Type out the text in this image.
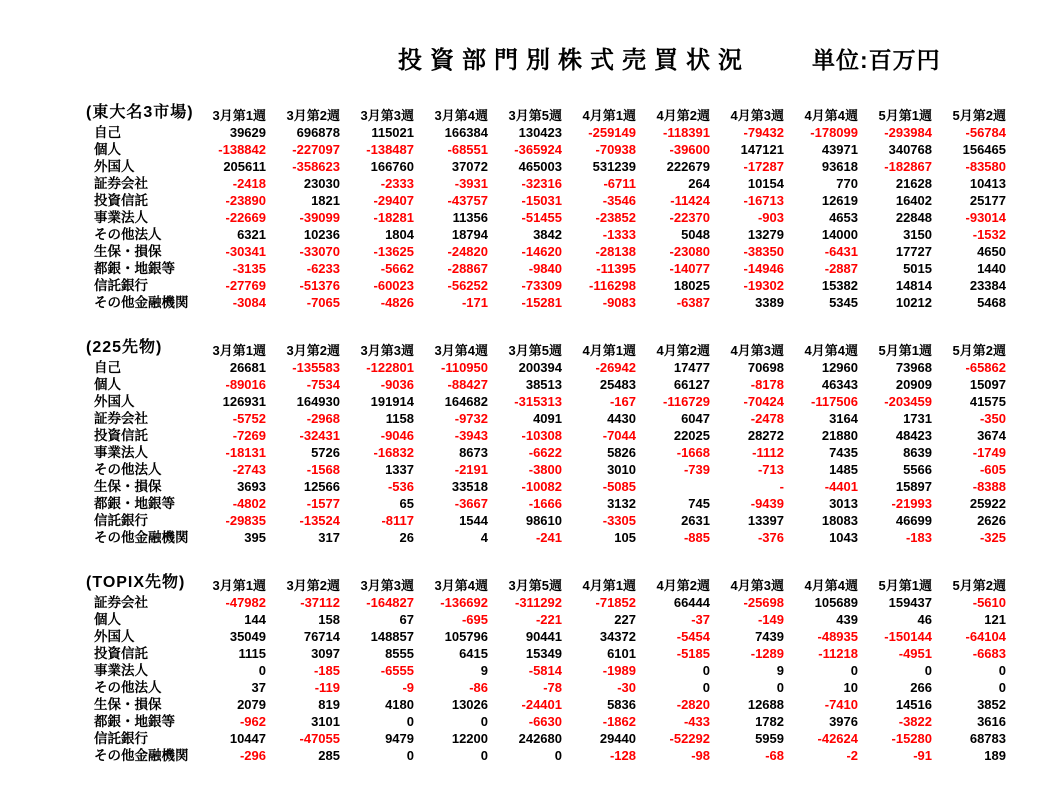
投資部門別株式売買状況	単位:百万円
(東大名3市場)
		3月第1週	3月第2週	3月第3週	3月第4週	3月第5週	4月第1週	4月第2週	4月第3週	4月第4週	5月第1週	5月第2週
自己	39629	696878	115021	166384	130423	-259149	-118391	-79432	-178099	-293984	-56784
個人	-138842	-227097	-138487	-68551	-365924	-70938	-39600	147121	43971	340768	156465
外国人	205611	-358623	166760	37072	465003	531239	222679	-17287	93618	-182867	-83580
証券会社	-2418	23030	-2333	-3931	-32316	-6711	264	10154	770	21628	10413
投資信託	-23890	1821	-29407	-43757	-15031	-3546	-11424	-16713	12619	16402	25177
事業法人	-22669	-39099	-18281	11356	-51455	-23852	-22370	-903	4653	22848	-93014
その他法人	6321	10236	1804	18794	3842	-1333	5048	13279	14000	3150	-1532
生保・損保	-30341	-33070	-13625	-24820	-14620	-28138	-23080	-38350	-6431	17727	4650
都銀・地銀等	-3135	-6233	-5662	-28867	-9840	-11395	-14077	-14946	-2887	5015	1440
信託銀行	-27769	-51376	-60023	-56252	-73309	-116298	18025	-19302	15382	14814	23384
その他金融機関	-3084	-7065	-4826	-171	-15281	-9083	-6387	3389	5345	10212	5468
(225先物)
		3月第1週	3月第2週	3月第3週	3月第4週	3月第5週	4月第1週	4月第2週	4月第3週	4月第4週	5月第1週	5月第2週
自己	26681	-135583	-122801	-110950	200394	-26942	17477	70698	12960	73968	-65862
個人	-89016	-7534	-9036	-88427	38513	25483	66127	-8178	46343	20909	15097
外国人	126931	164930	191914	164682	-315313	-167	-116729	-70424	-117506	-203459	41575
証券会社	-5752	-2968	1158	-9732	4091	4430	6047	-2478	3164	1731	-350
投資信託	-7269	-32431	-9046	-3943	-10308	-7044	22025	28272	21880	48423	3674
事業法人	-18131	5726	-16832	8673	-6622	5826	-1668	-1112	7435	8639	-1749
その他法人	-2743	-1568	1337	-2191	-3800	3010	-739	-713	1485	5566	-605
生保・損保	3693	12566	-536	33518	-10082	-5085		-	-4401	15897	-8388
都銀・地銀等	-4802	-1577	65	-3667	-1666	3132	745	-9439	3013	-21993	25922
信託銀行	-29835	-13524	-8117	1544	98610	-3305	2631	13397	18083	46699	2626
その他金融機関	395	317	26	4	-241	105	-885	-376	1043	-183	-325
(TOPIX先物)
		3月第1週	3月第2週	3月第3週	3月第4週	3月第5週	4月第1週	4月第2週	4月第3週	4月第4週	5月第1週	5月第2週
証券会社	-47982	-37112	-164827	-136692	-311292	-71852	66444	-25698	105689	159437	-5610
個人	144	158	67	-695	-221	227	-37	-149	439	46	121
外国人	35049	76714	148857	105796	90441	34372	-5454	7439	-48935	-150144	-64104
投資信託	1115	3097	8555	6415	15349	6101	-5185	-1289	-11218	-4951	-6683
事業法人	0	-185	-6555	9	-5814	-1989	0	9	0	0	0
その他法人	37	-119	-9	-86	-78	-30	0	0	10	266	0
生保・損保	2079	819	4180	13026	-24401	5836	-2820	12688	-7410	14516	3852
都銀・地銀等	-962	3101	0	0	-6630	-1862	-433	1782	3976	-3822	3616
信託銀行	10447	-47055	9479	12200	242680	29440	-52292	5959	-42624	-15280	68783
その他金融機関	-296	285	0	0	0	-128	-98	-68	-2	-91	189
